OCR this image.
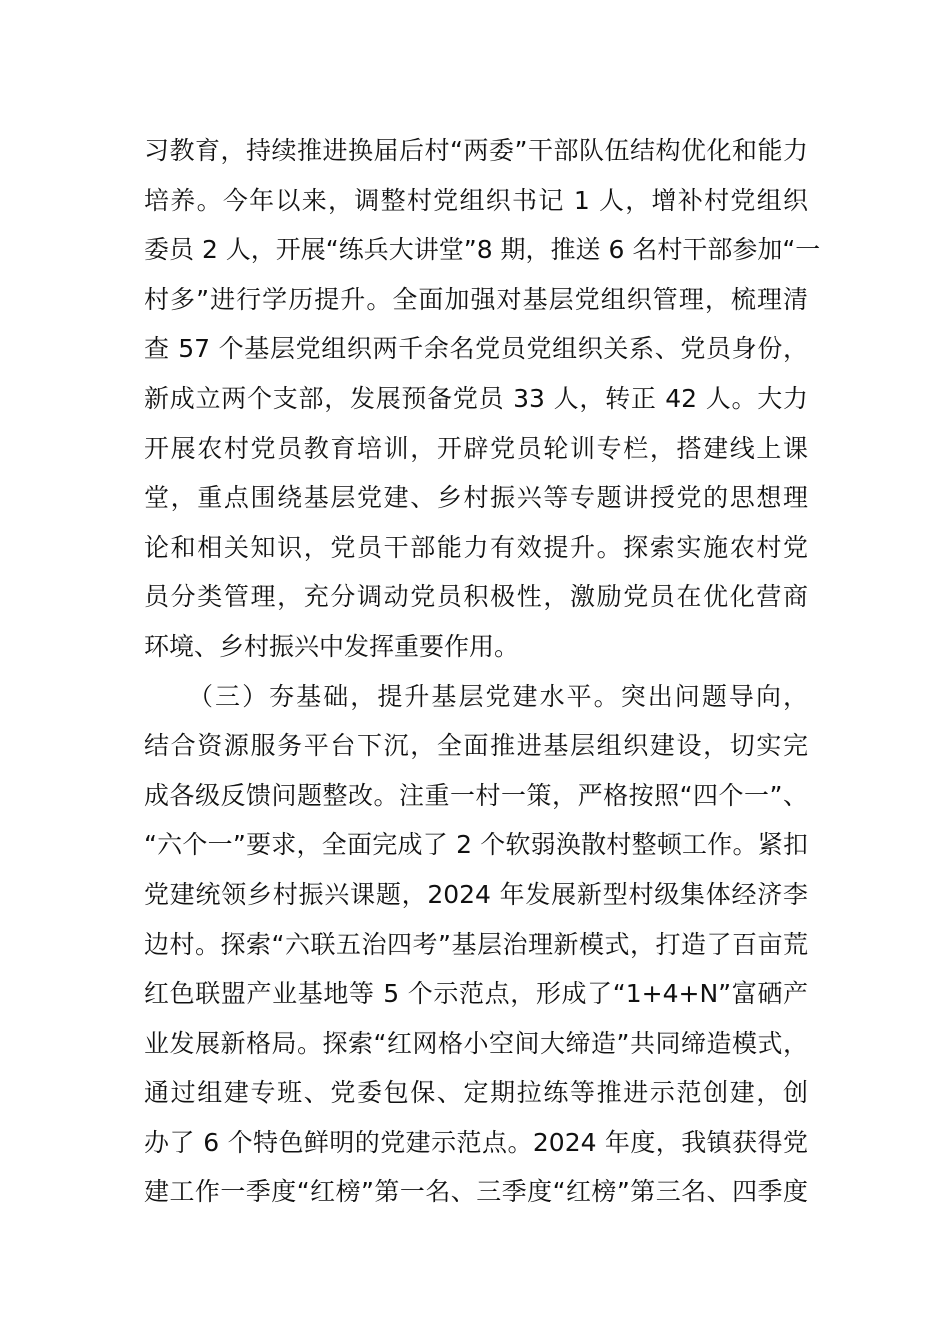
习教育，持续推进换届后村“两委”干部队伍结构优化和能力
培养。今年以来，调整村党组织书记 1 人，增补村党组织
委员 2 人，开展“练兵大讲堂”8 期，推送 6 名村干部参加“一
村多”进行学历提升。全面加强对基层党组织管理，梳理清
查 57 个基层党组织两千余名党员党组织关系、党员身份，
新成立两个支部，发展预备党员 33 人，转正 42 人。大力
开展农村党员教育培训，开辟党员轮训专栏，搭建线上课
堂，重点围绕基层党建、乡村振兴等专题讲授党的思想理
论和相关知识，党员干部能力有效提升。探索实施农村党
员分类管理，充分调动党员积极性，激励党员在优化营商
环境、乡村振兴中发挥重要作用。
（三）夯基础，提升基层党建水平。突出问题导向，
结合资源服务平台下沉，全面推进基层组织建设，切实完
成各级反馈问题整改。注重一村一策，严格按照“四个一”、
“六个一”要求，全面完成了 2 个软弱涣散村整顿工作。紧扣
党建统领乡村振兴课题，2024 年发展新型村级集体经济李
边村。探索“六联五治四考”基层治理新模式，打造了百亩荒
红色联盟产业基地等 5 个示范点，形成了“1+4+N”富硒产
业发展新格局。探索“红网格小空间大缔造”共同缔造模式，
通过组建专班、党委包保、定期拉练等推进示范创建，创
办了 6 个特色鲜明的党建示范点。2024 年度，我镇获得党
建工作一季度“红榜”第一名、三季度“红榜”第三名、四季度
